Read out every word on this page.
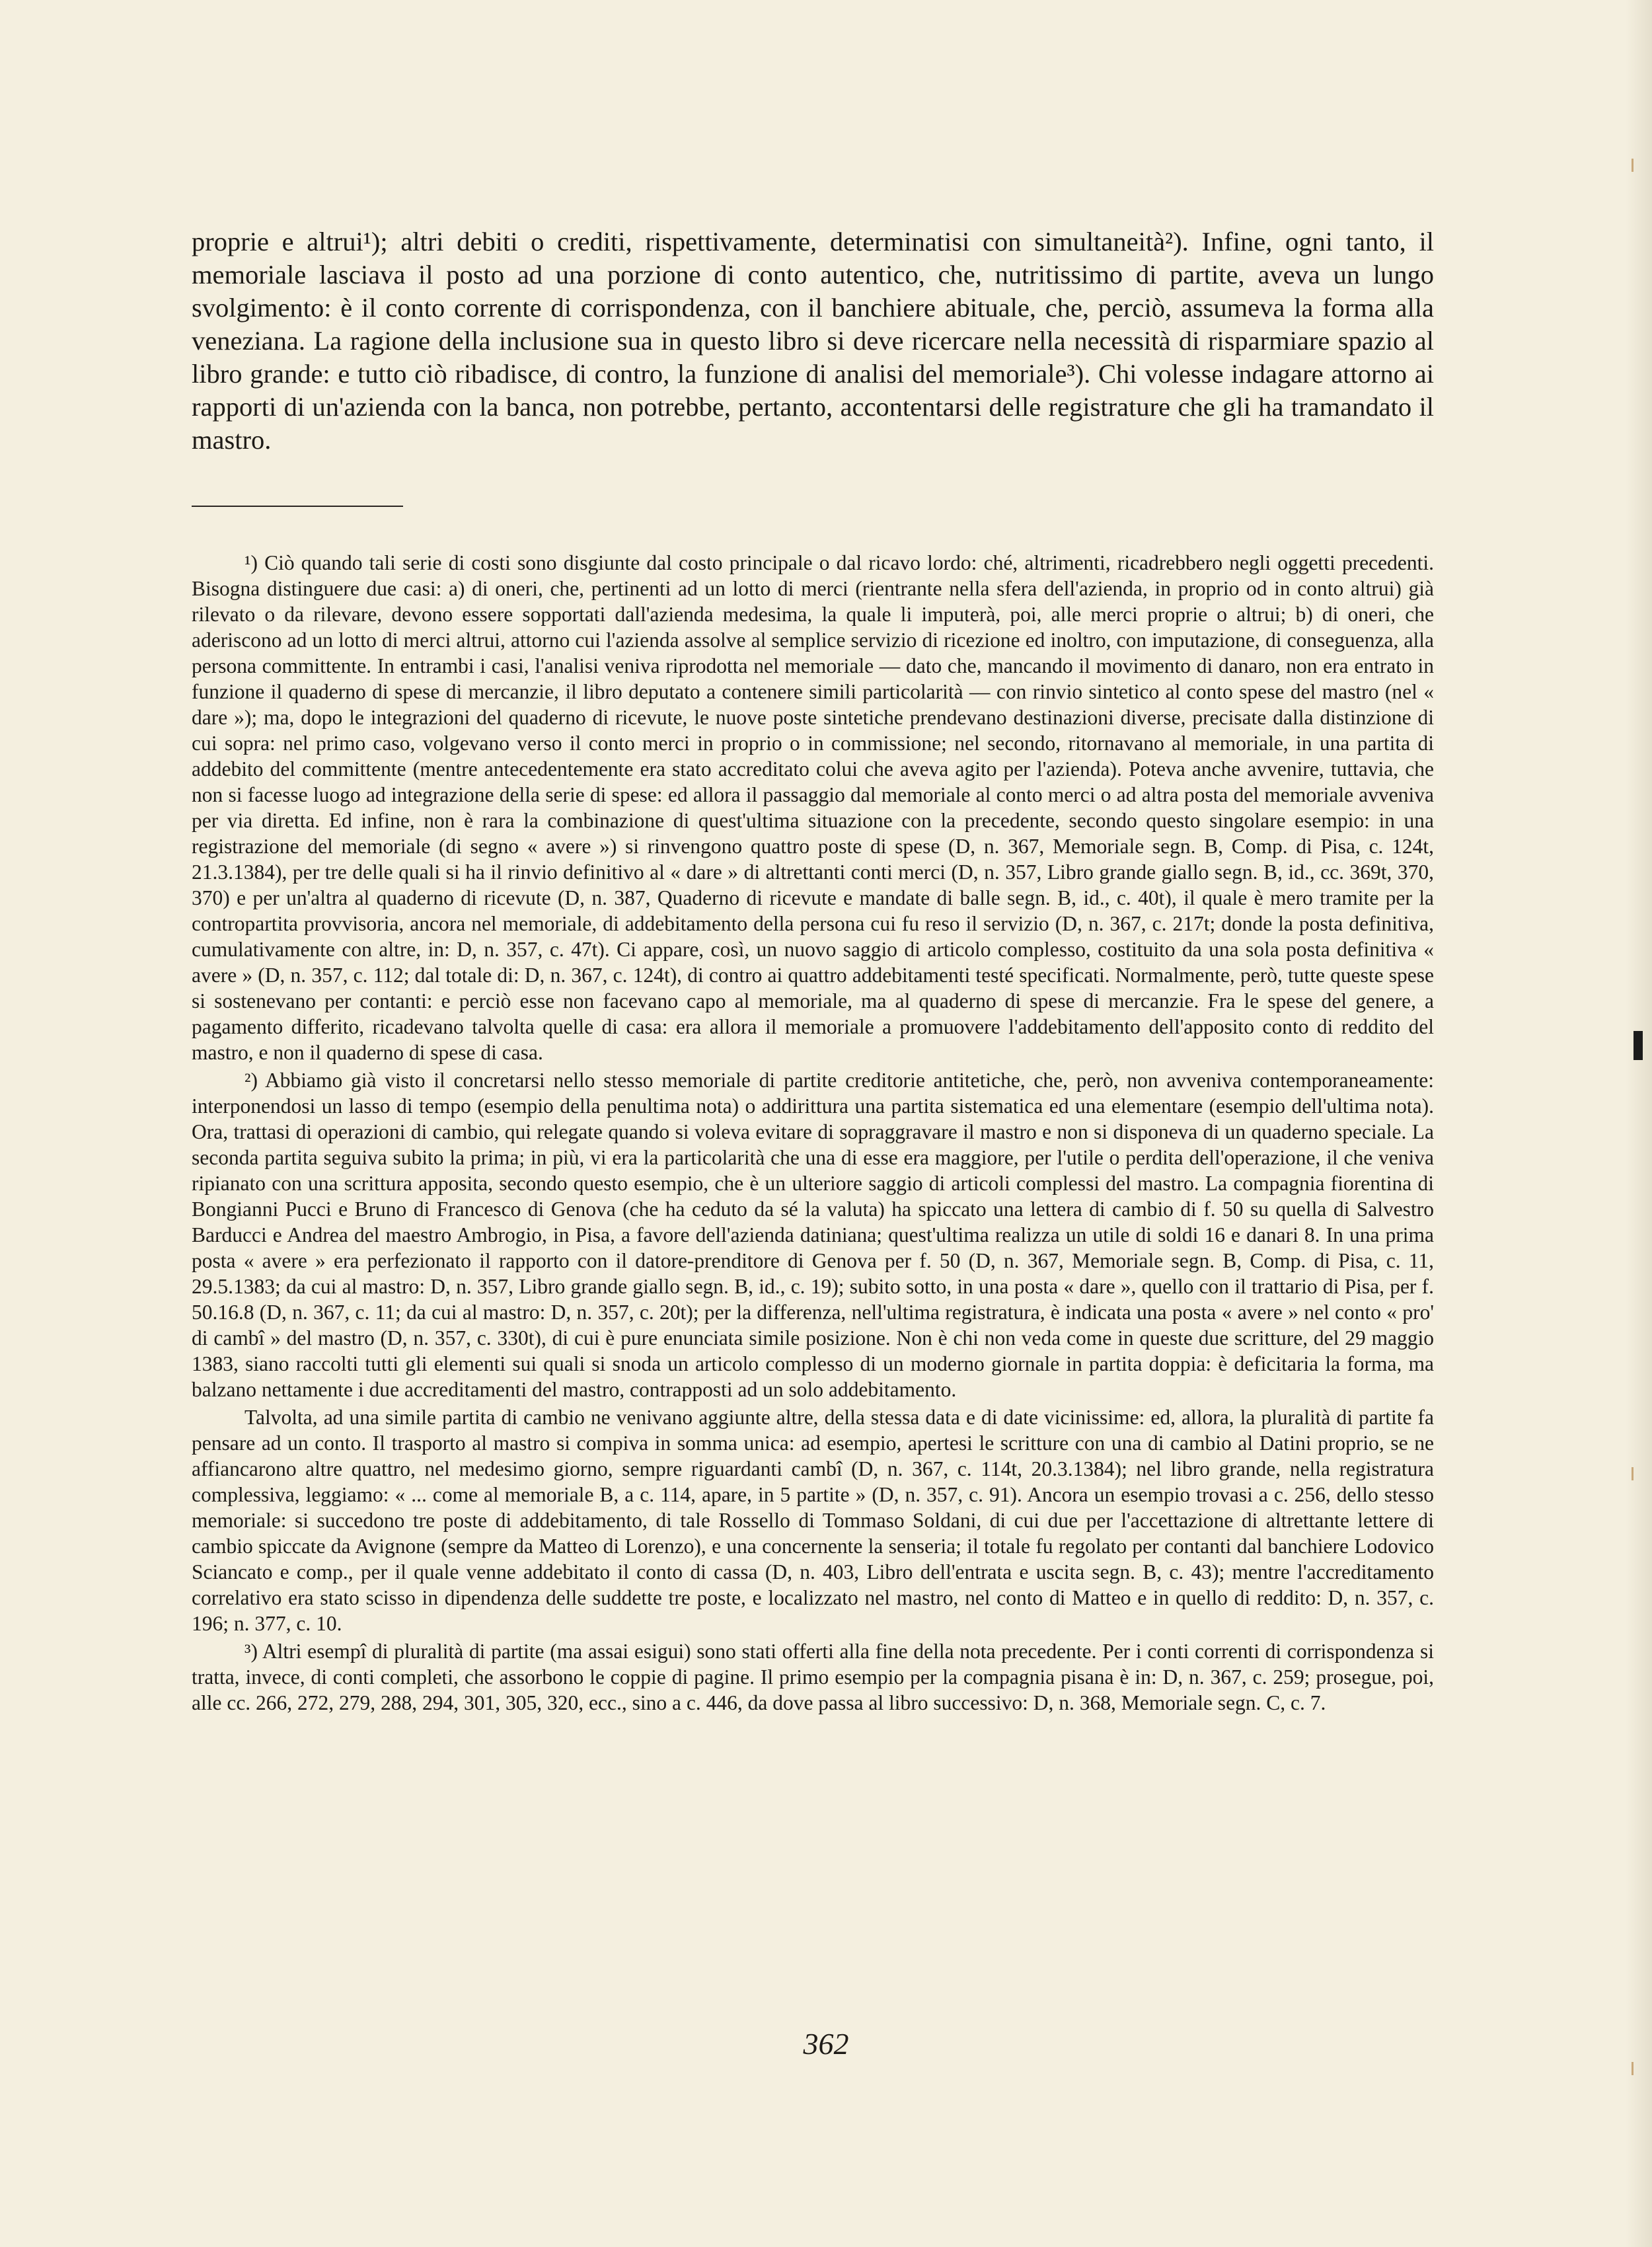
proprie e altrui¹); altri debiti o crediti, rispettivamente, determinatisi con simultaneità²). Infine, ogni tanto, il memoriale lasciava il posto ad una porzione di conto autentico, che, nutritissimo di partite, aveva un lungo svolgimento: è il conto corrente di corrispondenza, con il banchiere abituale, che, perciò, assumeva la forma alla veneziana. La ragione della inclusione sua in questo libro si deve ricercare nella necessità di risparmiare spazio al libro grande: e tutto ciò ribadisce, di contro, la funzione di analisi del memoriale³). Chi volesse indagare attorno ai rapporti di un'azienda con la banca, non potrebbe, pertanto, accontentarsi delle registrature che gli ha tramandato il mastro.

¹) Ciò quando tali serie di costi sono disgiunte dal costo principale o dal ricavo lordo: ché, altrimenti, ricadrebbero negli oggetti precedenti. Bisogna distinguere due casi: a) di oneri, che, pertinenti ad un lotto di merci (rientrante nella sfera dell'azienda, in proprio od in conto altrui) già rilevato o da rilevare, devono essere sopportati dall'azienda medesima, la quale li imputerà, poi, alle merci proprie o altrui; b) di oneri, che aderiscono ad un lotto di merci altrui, attorno cui l'azienda assolve al semplice servizio di ricezione ed inoltro, con imputazione, di conseguenza, alla persona committente. In entrambi i casi, l'analisi veniva riprodotta nel memoriale — dato che, mancando il movimento di danaro, non era entrato in funzione il quaderno di spese di mercanzie, il libro deputato a contenere simili particolarità — con rinvio sintetico al conto spese del mastro (nel « dare »); ma, dopo le integrazioni del quaderno di ricevute, le nuove poste sintetiche prendevano destinazioni diverse, precisate dalla distinzione di cui sopra: nel primo caso, volgevano verso il conto merci in proprio o in commissione; nel secondo, ritornavano al memoriale, in una partita di addebito del committente (mentre antecedentemente era stato accreditato colui che aveva agito per l'azienda). Poteva anche avvenire, tuttavia, che non si facesse luogo ad integrazione della serie di spese: ed allora il passaggio dal memoriale al conto merci o ad altra posta del memoriale avveniva per via diretta. Ed infine, non è rara la combinazione di quest'ultima situazione con la precedente, secondo questo singolare esempio: in una registrazione del memoriale (di segno « avere ») si rinvengono quattro poste di spese (D, n. 367, Memoriale segn. B, Comp. di Pisa, c. 124t, 21.3.1384), per tre delle quali si ha il rinvio definitivo al « dare » di altrettanti conti merci (D, n. 357, Libro grande giallo segn. B, id., cc. 369t, 370, 370) e per un'altra al quaderno di ricevute (D, n. 387, Quaderno di ricevute e mandate di balle segn. B, id., c. 40t), il quale è mero tramite per la contropartita provvisoria, ancora nel memoriale, di addebitamento della persona cui fu reso il servizio (D, n. 367, c. 217t; donde la posta definitiva, cumulativamente con altre, in: D, n. 357, c. 47t). Ci appare, così, un nuovo saggio di articolo complesso, costituito da una sola posta definitiva « avere » (D, n. 357, c. 112; dal totale di: D, n. 367, c. 124t), di contro ai quattro addebitamenti testé specificati. Normalmente, però, tutte queste spese si sostenevano per contanti: e perciò esse non facevano capo al memoriale, ma al quaderno di spese di mercanzie. Fra le spese del genere, a pagamento differito, ricadevano talvolta quelle di casa: era allora il memoriale a promuovere l'addebitamento dell'apposito conto di reddito del mastro, e non il quaderno di spese di casa.

²) Abbiamo già visto il concretarsi nello stesso memoriale di partite creditorie antitetiche, che, però, non avveniva contemporaneamente: interponendosi un lasso di tempo (esempio della penultima nota) o addirittura una partita sistematica ed una elementare (esempio dell'ultima nota). Ora, trattasi di operazioni di cambio, qui relegate quando si voleva evitare di sopraggravare il mastro e non si disponeva di un quaderno speciale. La seconda partita seguiva subito la prima; in più, vi era la particolarità che una di esse era maggiore, per l'utile o perdita dell'operazione, il che veniva ripianato con una scrittura apposita, secondo questo esempio, che è un ulteriore saggio di articoli complessi del mastro. La compagnia fiorentina di Bongianni Pucci e Bruno di Francesco di Genova (che ha ceduto da sé la valuta) ha spiccato una lettera di cambio di f. 50 su quella di Salvestro Barducci e Andrea del maestro Ambrogio, in Pisa, a favore dell'azienda datiniana; quest'ultima realizza un utile di soldi 16 e danari 8. In una prima posta « avere » era perfezionato il rapporto con il datore-prenditore di Genova per f. 50 (D, n. 367, Memoriale segn. B, Comp. di Pisa, c. 11, 29.5.1383; da cui al mastro: D, n. 357, Libro grande giallo segn. B, id., c. 19); subito sotto, in una posta « dare », quello con il trattario di Pisa, per f. 50.16.8 (D, n. 367, c. 11; da cui al mastro: D, n. 357, c. 20t); per la differenza, nell'ultima registratura, è indicata una posta « avere » nel conto « pro' di cambî » del mastro (D, n. 357, c. 330t), di cui è pure enunciata simile posizione. Non è chi non veda come in queste due scritture, del 29 maggio 1383, siano raccolti tutti gli elementi sui quali si snoda un articolo complesso di un moderno giornale in partita doppia: è deficitaria la forma, ma balzano nettamente i due accreditamenti del mastro, contrapposti ad un solo addebitamento.

Talvolta, ad una simile partita di cambio ne venivano aggiunte altre, della stessa data e di date vicinissime: ed, allora, la pluralità di partite fa pensare ad un conto. Il trasporto al mastro si compiva in somma unica: ad esempio, apertesi le scritture con una di cambio al Datini proprio, se ne affiancarono altre quattro, nel medesimo giorno, sempre riguardanti cambî (D, n. 367, c. 114t, 20.3.1384); nel libro grande, nella registratura complessiva, leggiamo: « ... come al memoriale B, a c. 114, apare, in 5 partite » (D, n. 357, c. 91). Ancora un esempio trovasi a c. 256, dello stesso memoriale: si succedono tre poste di addebitamento, di tale Rossello di Tommaso Soldani, di cui due per l'accettazione di altrettante lettere di cambio spiccate da Avignone (sempre da Matteo di Lorenzo), e una concernente la senseria; il totale fu regolato per contanti dal banchiere Lodovico Sciancato e comp., per il quale venne addebitato il conto di cassa (D, n. 403, Libro dell'entrata e uscita segn. B, c. 43); mentre l'accreditamento correlativo era stato scisso in dipendenza delle suddette tre poste, e localizzato nel mastro, nel conto di Matteo e in quello di reddito: D, n. 357, c. 196; n. 377, c. 10.

³) Altri esempî di pluralità di partite (ma assai esigui) sono stati offerti alla fine della nota precedente. Per i conti correnti di corrispondenza si tratta, invece, di conti completi, che assorbono le coppie di pagine. Il primo esempio per la compagnia pisana è in: D, n. 367, c. 259; prosegue, poi, alle cc. 266, 272, 279, 288, 294, 301, 305, 320, ecc., sino a c. 446, da dove passa al libro successivo: D, n. 368, Memoriale segn. C, c. 7.

362
